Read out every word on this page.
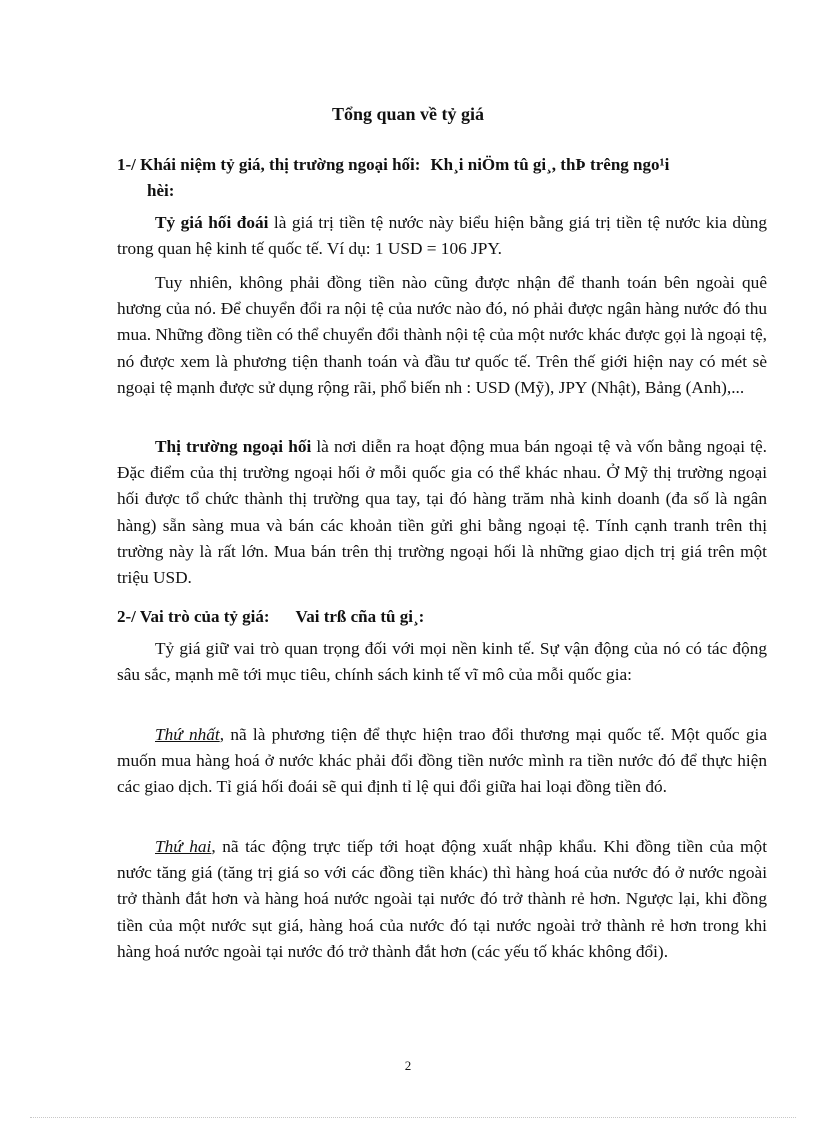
Tổng quan về tỷ giá
1-/ Khái niệm tỷ giá, thị trường ngoại hối: Kh¸i niÖm tû gi¸, thÞ trêng ngo¹i
hèi:

Tỷ giá hối đoái là giá trị tiền tệ nước này biểu hiện bằng giá trị tiền tệ nước kia dùng trong quan hệ kinh tế quốc tế. Ví dụ: 1 USD = 106 JPY.

Tuy nhiên, không phải đồng tiền nào cũng được nhận để thanh toán bên ngoài quê hương của nó. Để chuyển đổi ra nội tệ của nước nào đó, nó phải được ngân hàng nước đó thu mua. Những đồng tiền có thể chuyển đổi thành nội tệ của một nước khác được gọi là ngoại tệ, nó được xem là phương tiện thanh toán và đầu tư quốc tế. Trên thế giới hiện nay có mét sè ngoại tệ mạnh được sử dụng rộng rãi, phổ biến nh : USD (Mỹ), JPY (Nhật), Bảng (Anh),...

Thị trường ngoại hối là nơi diễn ra hoạt động mua bán ngoại tệ và vốn bằng ngoại tệ. Đặc điểm của thị trường ngoại hối ở mỗi quốc gia có thể khác nhau. Ở Mỹ thị trường ngoại hối được tổ chức thành thị trường qua tay, tại đó hàng trăm nhà kinh doanh (đa số là ngân hàng) sẵn sàng mua và bán các khoản tiền gửi ghi bằng ngoại tệ. Tính cạnh tranh trên thị trường này là rất lớn. Mua bán trên thị trường ngoại hối là những giao dịch trị giá trên một triệu USD.

2-/ Vai trò của tỷ giá: Vai trß cña tû gi¸:

Tỷ giá giữ vai trò quan trọng đối với mọi nền kinh tế. Sự vận động của nó có tác động sâu sắc, mạnh mẽ tới mục tiêu, chính sách kinh tế vĩ mô của mỗi quốc gia:

Thứ nhất, nã là phương tiện để thực hiện trao đổi thương mại quốc tế. Một quốc gia muốn mua hàng hoá ở nước khác phải đổi đồng tiền nước mình ra tiền nước đó để thực hiện các giao dịch. Tỉ giá hối đoái sẽ qui định tỉ lệ qui đổi giữa hai loại đồng tiền đó.

Thứ hai, nã tác động trực tiếp tới hoạt động xuất nhập khẩu. Khi đồng tiền của một nước tăng giá (tăng trị giá so với các đồng tiền khác) thì hàng hoá của nước đó ở nước ngoài trở thành đắt hơn và hàng hoá nước ngoài tại nước đó trở thành rẻ hơn. Ngược lại, khi đồng tiền của một nước sụt giá, hàng hoá của nước đó tại nước ngoài trở thành rẻ hơn trong khi hàng hoá nước ngoài tại nước đó trở thành đắt hơn (các yếu tố khác không đổi).

2
